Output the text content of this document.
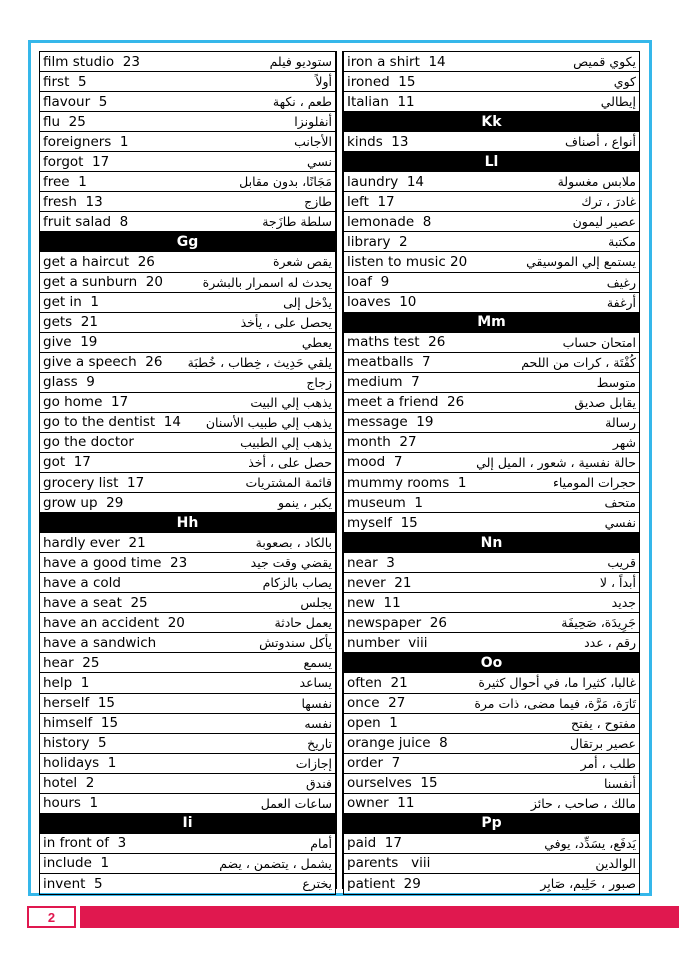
film studio  23	ستوديو فيلم
first  5	أولاً
flavour  5	طعم ، نكهة
flu  25	أنفلونزا
foreigners  1	الأجانب
forgot  17	نسي
free  1	مَجَانًا، بدون مقابل
fresh  13	طازج
fruit salad  8	سلطة طازَجة
Gg
get a haircut  26	يقص شعرة
get a sunburn  20	يحدث له اسمرار بالبشرة
get in  1	يدْخل إلى
gets  21	يحصل على ، يأخذ
give  19	يعطي
give a speech  26 يلقي حَدِيث ، خِطاب ، خُطبَة
glass  9	زجاج
go home  17	يذهب إلي البيت
go to the dentist  14 يذهب إلي طبيب الأسنان
go the doctor	يذهب إلي الطبيب
got  17	حصل على ، أخذ
grocery list  17	قائمة المشتريات
grow up  29	يكبر ، ينمو
Hh
hardly ever  21	بالكاد ، بصعوبة
have a good time  23	يقضي وقت جيد
have a cold	يصاب بالزكام
have a seat  25	يجلس
have an accident  20	يعمل حادثة
have a sandwich	يأكل سندوتش
hear  25	يسمع
help  1	يساعد
herself  15	نفسها
himself  15	نفسه
history  5	تاريخ
holidays  1	إجازات
hotel  2	فندق
hours  1	ساعات العمل
Ii
in front of  3	أمام
include  1	يشمل ، يتضمن ، يضم
invent  5	يخترع
iron a shirt  14	يكوي قميص
ironed  15	كوي
Italian  11	إيطالي
Kk
kinds  13	أنواع ، أصناف
Ll
laundry  14	ملابس مغسولة
left  17	غادرَ ، ترك
lemonade  8	عصير ليمون
library  2	مكتبة
listen to music 20	يستمع إلي الموسيقي
loaf  9	رغيف
loaves  10	أرغفة
Mm
maths test  26	امتحان حساب
meatballs  7	كُفْتَة ، كرات من اللحم
medium  7	متوسط
meet a friend  26	يقابل صديق
message  19	رسالة
month  27	شهر
mood  7	حالة نفسية ، شعور ، الميل إلي
mummy rooms  1	حجرات المومياء
museum  1	متحف
myself  15	نفسي
Nn
near  3	قريب
never  21	أبداً ، لا
new  11	جديد
newspaper  26	جَرِيدَة، صَحِيفَة
number  viii	رقم ، عدد
Oo
often  21	غالبا، كثيرا ما، في أحوال كثيرة
once  27	تَارَة، مَرَّة، فيما مضى، ذات مرة
open  1	مفتوح ، يفتح
orange juice  8	عصير برتقال
order  7	طلب ، أمر
ourselves  15	أنفسنا
owner  11	مالك ، صاحب ، حائز
Pp
paid  17	يَدفَع، يسَدِّد، يوفي
parents   viii	الوالدين
patient  29	صبور ، حَلِيم، صَابِر
2
